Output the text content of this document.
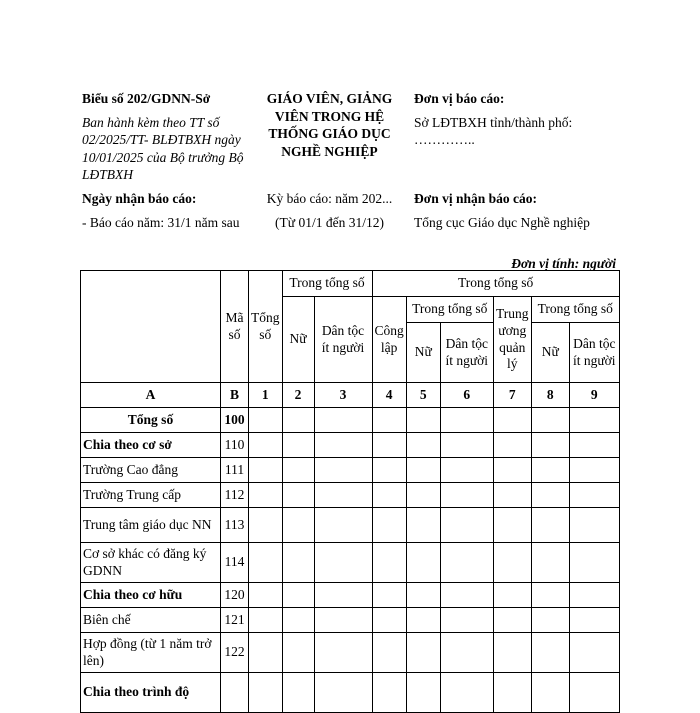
Biểu số 202/GDNN-Sở
Ban hành kèm theo TT số 02/2025/TT- BLĐTBXH ngày 10/01/2025 của Bộ trưởng Bộ LĐTBXH
GIÁO VIÊN, GIẢNG VIÊN TRONG HỆ THỐNG GIÁO DỤC NGHỀ NGHIỆP
Đơn vị báo cáo:
Sở LĐTBXH tỉnh/thành phố: …………..
Ngày nhận báo cáo:
- Báo cáo năm: 31/1 năm sau
Kỳ báo cáo: năm 202...
(Từ 01/1 đến 31/12)
Đơn vị nhận báo cáo:
Tổng cục Giáo dục Nghề nghiệp
Đơn vị tính: người
	Mã số	Tổng số	Trong tổng số		Trong tổng số					
			Nữ	Dân tộc ít người	Công lập	Trong tổng số		Trung ương quản lý	Trong tổng số	
						Nữ	Dân tộc ít người		Nữ	Dân tộc ít người
A	B	1	2	3	4	5	6	7	8	9
Tổng số	100									
Chia theo cơ sở	110									
Trường Cao đẳng	111									
Trường Trung cấp	112									
Trung tâm giáo dục NN	113									
Cơ sở khác có đăng ký GDNN	114									
Chia theo cơ hữu	120									
Biên chế	121									
Hợp đồng (từ 1 năm trở lên)	122									
Chia theo trình độ										
